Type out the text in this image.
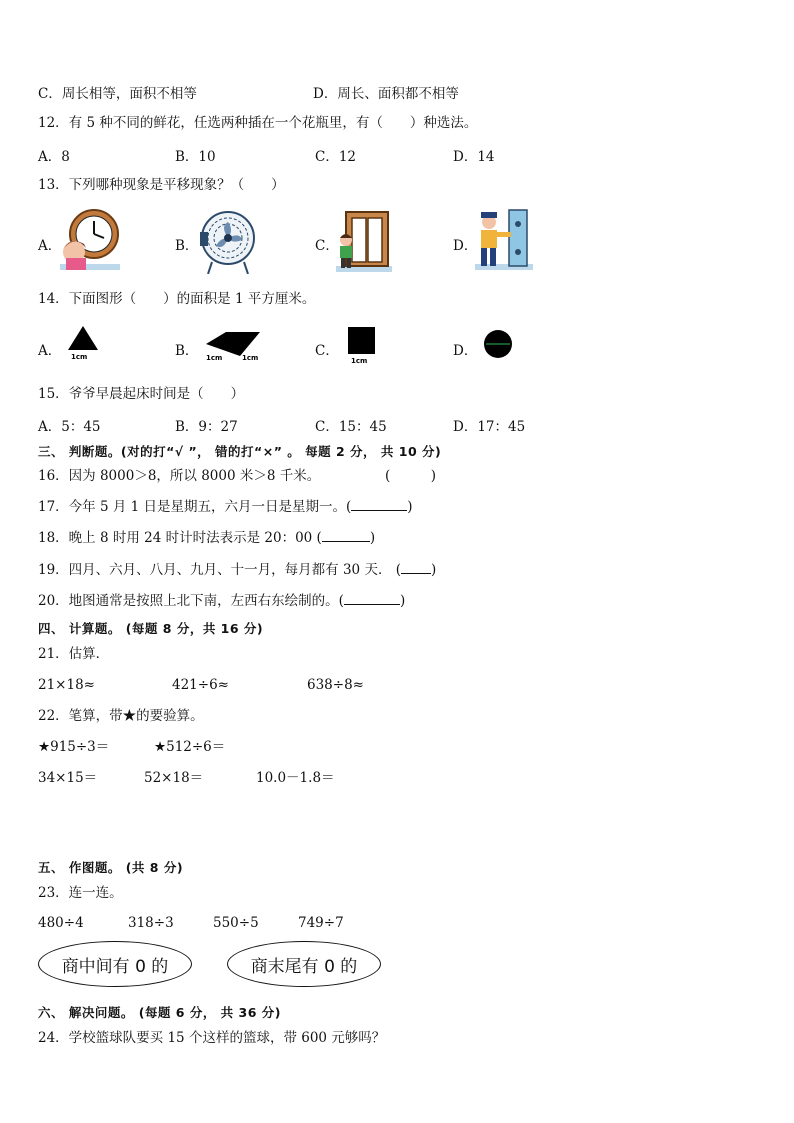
C．周长相等，面积不相等	D．周长、面积都不相等
12．有 5 种不同的鲜花，任选两种插在一个花瓶里，有（　　）种选法。
A．8	B．10	C．12	D．14
13．下列哪种现象是平移现象？（　　）
A．	B．	C．	D．
14．下面图形（　　）的面积是 1 平方厘米。
A． 1cm	B． 1cm	1cm	C．
1cm
D．
15．爷爷早晨起床时间是（　　）
A．5：45	B．9：27	C．15：45	D．17：45
三、 判断题。(对的打“√ ”， 错的打“×” 。 每题 2 分， 共 10 分)
16．因为 8000＞8，所以 8000 米＞8 千米。	(　　　)
17．今年 5 月 1 日是星期五，六月一日是星期一。(	)
18．晚上 8 时用 24 时计时法表示是 20：00 (	)
19．四月、六月、八月、九月、十一月，每月都有 30 天． ( )
20．地图通常是按照上北下南，左西右东绘制的。(	)
四、 计算题。 (每题 8 分，共 16 分)
21．估算．
21×18≈	421÷6≈	638÷8≈
22．笔算，带★的要验算。
★915÷3＝	★512÷6＝
34×15＝	52×18＝	10.0－1.8＝
五、 作图题。 (共 8 分)
23．连一连。
480÷4	318÷3	550÷5	749÷7
商中间有 0 的	商末尾有 0 的
六、 解决问题。 (每题 6 分， 共 36 分)
24．学校篮球队要买 15 个这样的篮球，带 600 元够吗？
